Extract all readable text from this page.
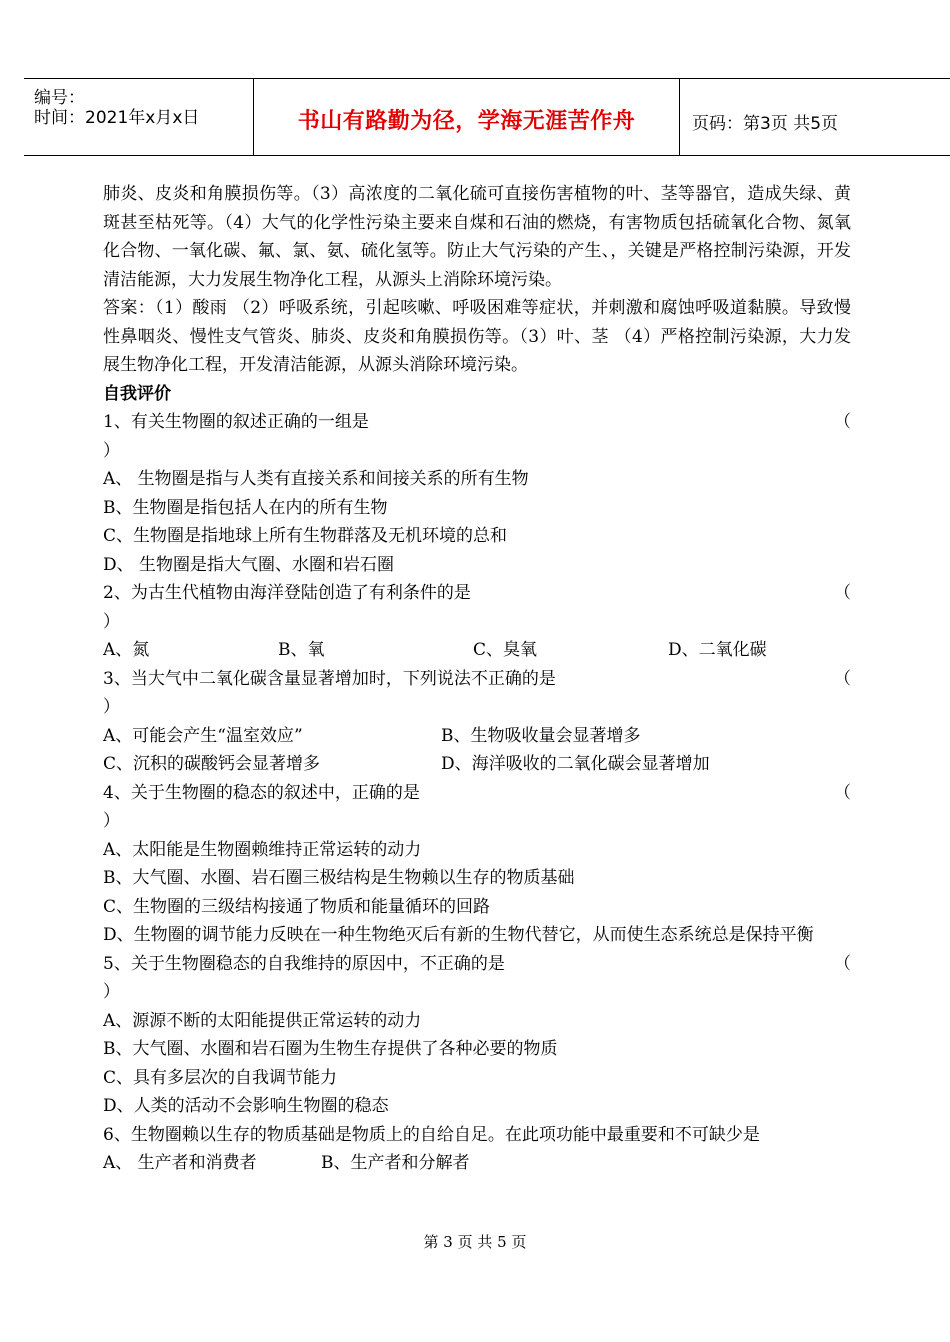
编号：
时间：2021年x月x日	书山有路勤为径，学海无涯苦作舟	页码：第3页 共5页

肺炎、皮炎和角膜损伤等。（3）高浓度的二氧化硫可直接伤害植物的叶、茎等器官，造成失绿、黄斑甚至枯死等。（4）大气的化学性污染主要来自煤和石油的燃烧，有害物质包括硫氧化合物、氮氧化合物、一氧化碳、氟、氯、氨、硫化氢等。防止大气污染的产生、，关键是严格控制污染源，开发清洁能源，大力发展生物净化工程，从源头上消除环境污染。

答案：（1）酸雨 （2）呼吸系统，引起咳嗽、呼吸困难等症状，并刺激和腐蚀呼吸道黏膜。导致慢性鼻咽炎、慢性支气管炎、肺炎、皮炎和角膜损伤等。（3）叶、茎 （4）严格控制污染源，大力发展生物净化工程，开发清洁能源，从源头消除环境污染。

自我评价

1、有关生物圈的叙述正确的一组是	（

）

A、 生物圈是指与人类有直接关系和间接关系的所有生物

B、生物圈是指包括人在内的所有生物

C、生物圈是指地球上所有生物群落及无机环境的总和

D、 生物圈是指大气圈、水圈和岩石圈

2、为古生代植物由海洋登陆创造了有利条件的是	（

）

A、氮	B、氧	C、臭氧	D、二氧化碳
3、当大气中二氧化碳含量显著增加时，下列说法不正确的是	（

）

A、可能会产生“温室效应”	B、生物吸收量会显著增多
C、沉积的碳酸钙会显著增多	D、海洋吸收的二氧化碳会显著增加
4、关于生物圈的稳态的叙述中，正确的是	（

）

A、太阳能是生物圈赖维持正常运转的动力

B、大气圈、水圈、岩石圈三极结构是生物赖以生存的物质基础

C、生物圈的三级结构接通了物质和能量循环的回路

D、生物圈的调节能力反映在一种生物绝灭后有新的生物代替它，从而使生态系统总是保持平衡

5、关于生物圈稳态的自我维持的原因中，不正确的是	（

）

A、源源不断的太阳能提供正常运转的动力

B、大气圈、水圈和岩石圈为生物生存提供了各种必要的物质

C、具有多层次的自我调节能力

D、人类的活动不会影响生物圈的稳态

6、生物圈赖以生存的物质基础是物质上的自给自足。在此项功能中最重要和不可缺少是

A、 生产者和消费者	B、生产者和分解者
第 3 页 共 5 页
